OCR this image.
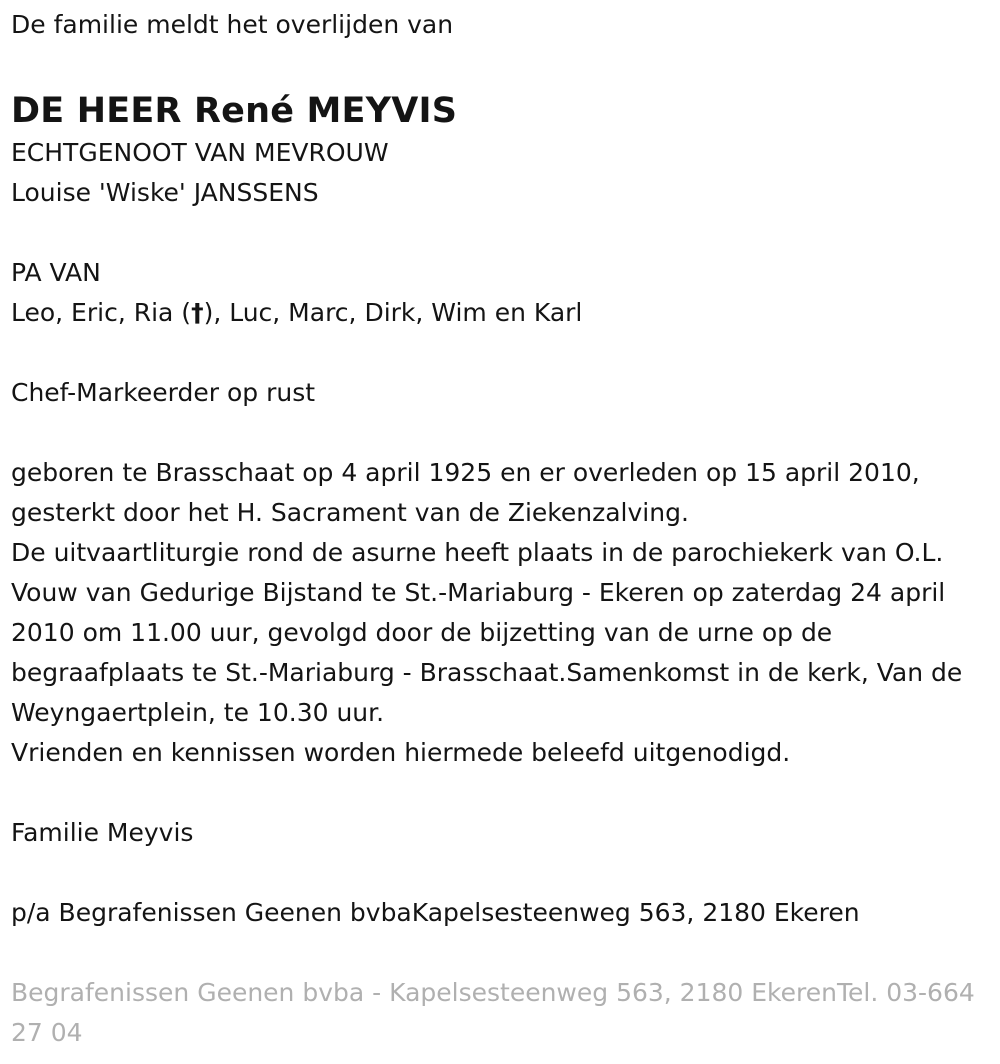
De familie meldt het overlijden van
DE HEER René MEYVIS
ECHTGENOOT VAN MEVROUW
Louise 'Wiske' JANSSENS
PA VAN
Leo, Eric, Ria (†), Luc, Marc, Dirk, Wim en Karl
Chef-Markeerder op rust
geboren te Brasschaat op 4 april 1925 en er overleden op 15 april 2010, gesterkt door het H. Sacrament van de Ziekenzalving.
De uitvaartliturgie rond de asurne heeft plaats in de parochiekerk van O.L. Vouw van Gedurige Bijstand te St.-Mariaburg - Ekeren op zaterdag 24 april 2010 om 11.00 uur, gevolgd door de bijzetting van de urne op de begraafplaats te St.-Mariaburg - Brasschaat.Samenkomst in de kerk, Van de Weyngaertplein, te 10.30 uur.
Vrienden en kennissen worden hiermede beleefd uitgenodigd.
Familie Meyvis
p/a Begrafenissen Geenen bvbaKapelsesteenweg 563, 2180 Ekeren
Begrafenissen Geenen bvba - Kapelsesteenweg 563, 2180 EkerenTel. 03-664 27 04
